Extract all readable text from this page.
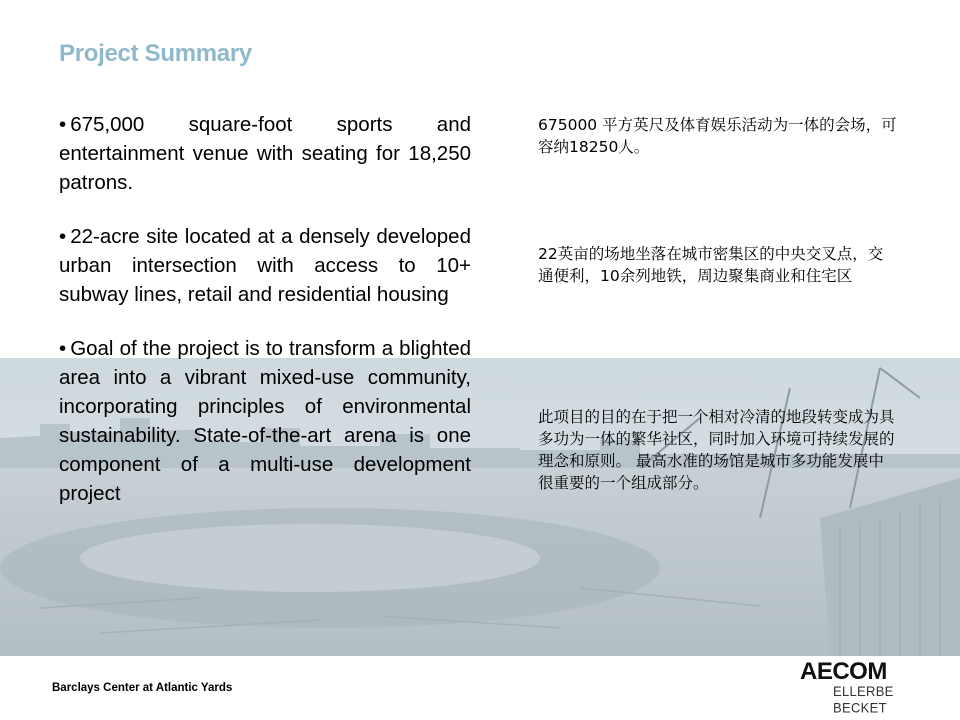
Project Summary

• 675,000 square-foot sports and entertainment venue with seating for 18,250 patrons.

• 22-acre site located at a densely developed urban intersection with access to 10+ subway lines, retail and residential housing

• Goal of the project is to transform a blighted area into a vibrant mixed-use community, incorporating principles of environmental sustainability. State-of-the-art arena is one component of a multi-use development project

675000 平方英尺及体育娱乐活动为一体的会场，可容纳18250人。
22英亩的场地坐落在城市密集区的中央交叉点，交通便利，10余列地铁，周边聚集商业和住宅区
此项目的目的在于把一个相对冷清的地段转变成为具多功为一体的繁华社区，同时加入环境可持续发展的理念和原则。 最高水准的场馆是城市多功能发展中很重要的一个组成部分。
Barclays Center at Atlantic Yards
AECOM
ELLERBE BECKET
